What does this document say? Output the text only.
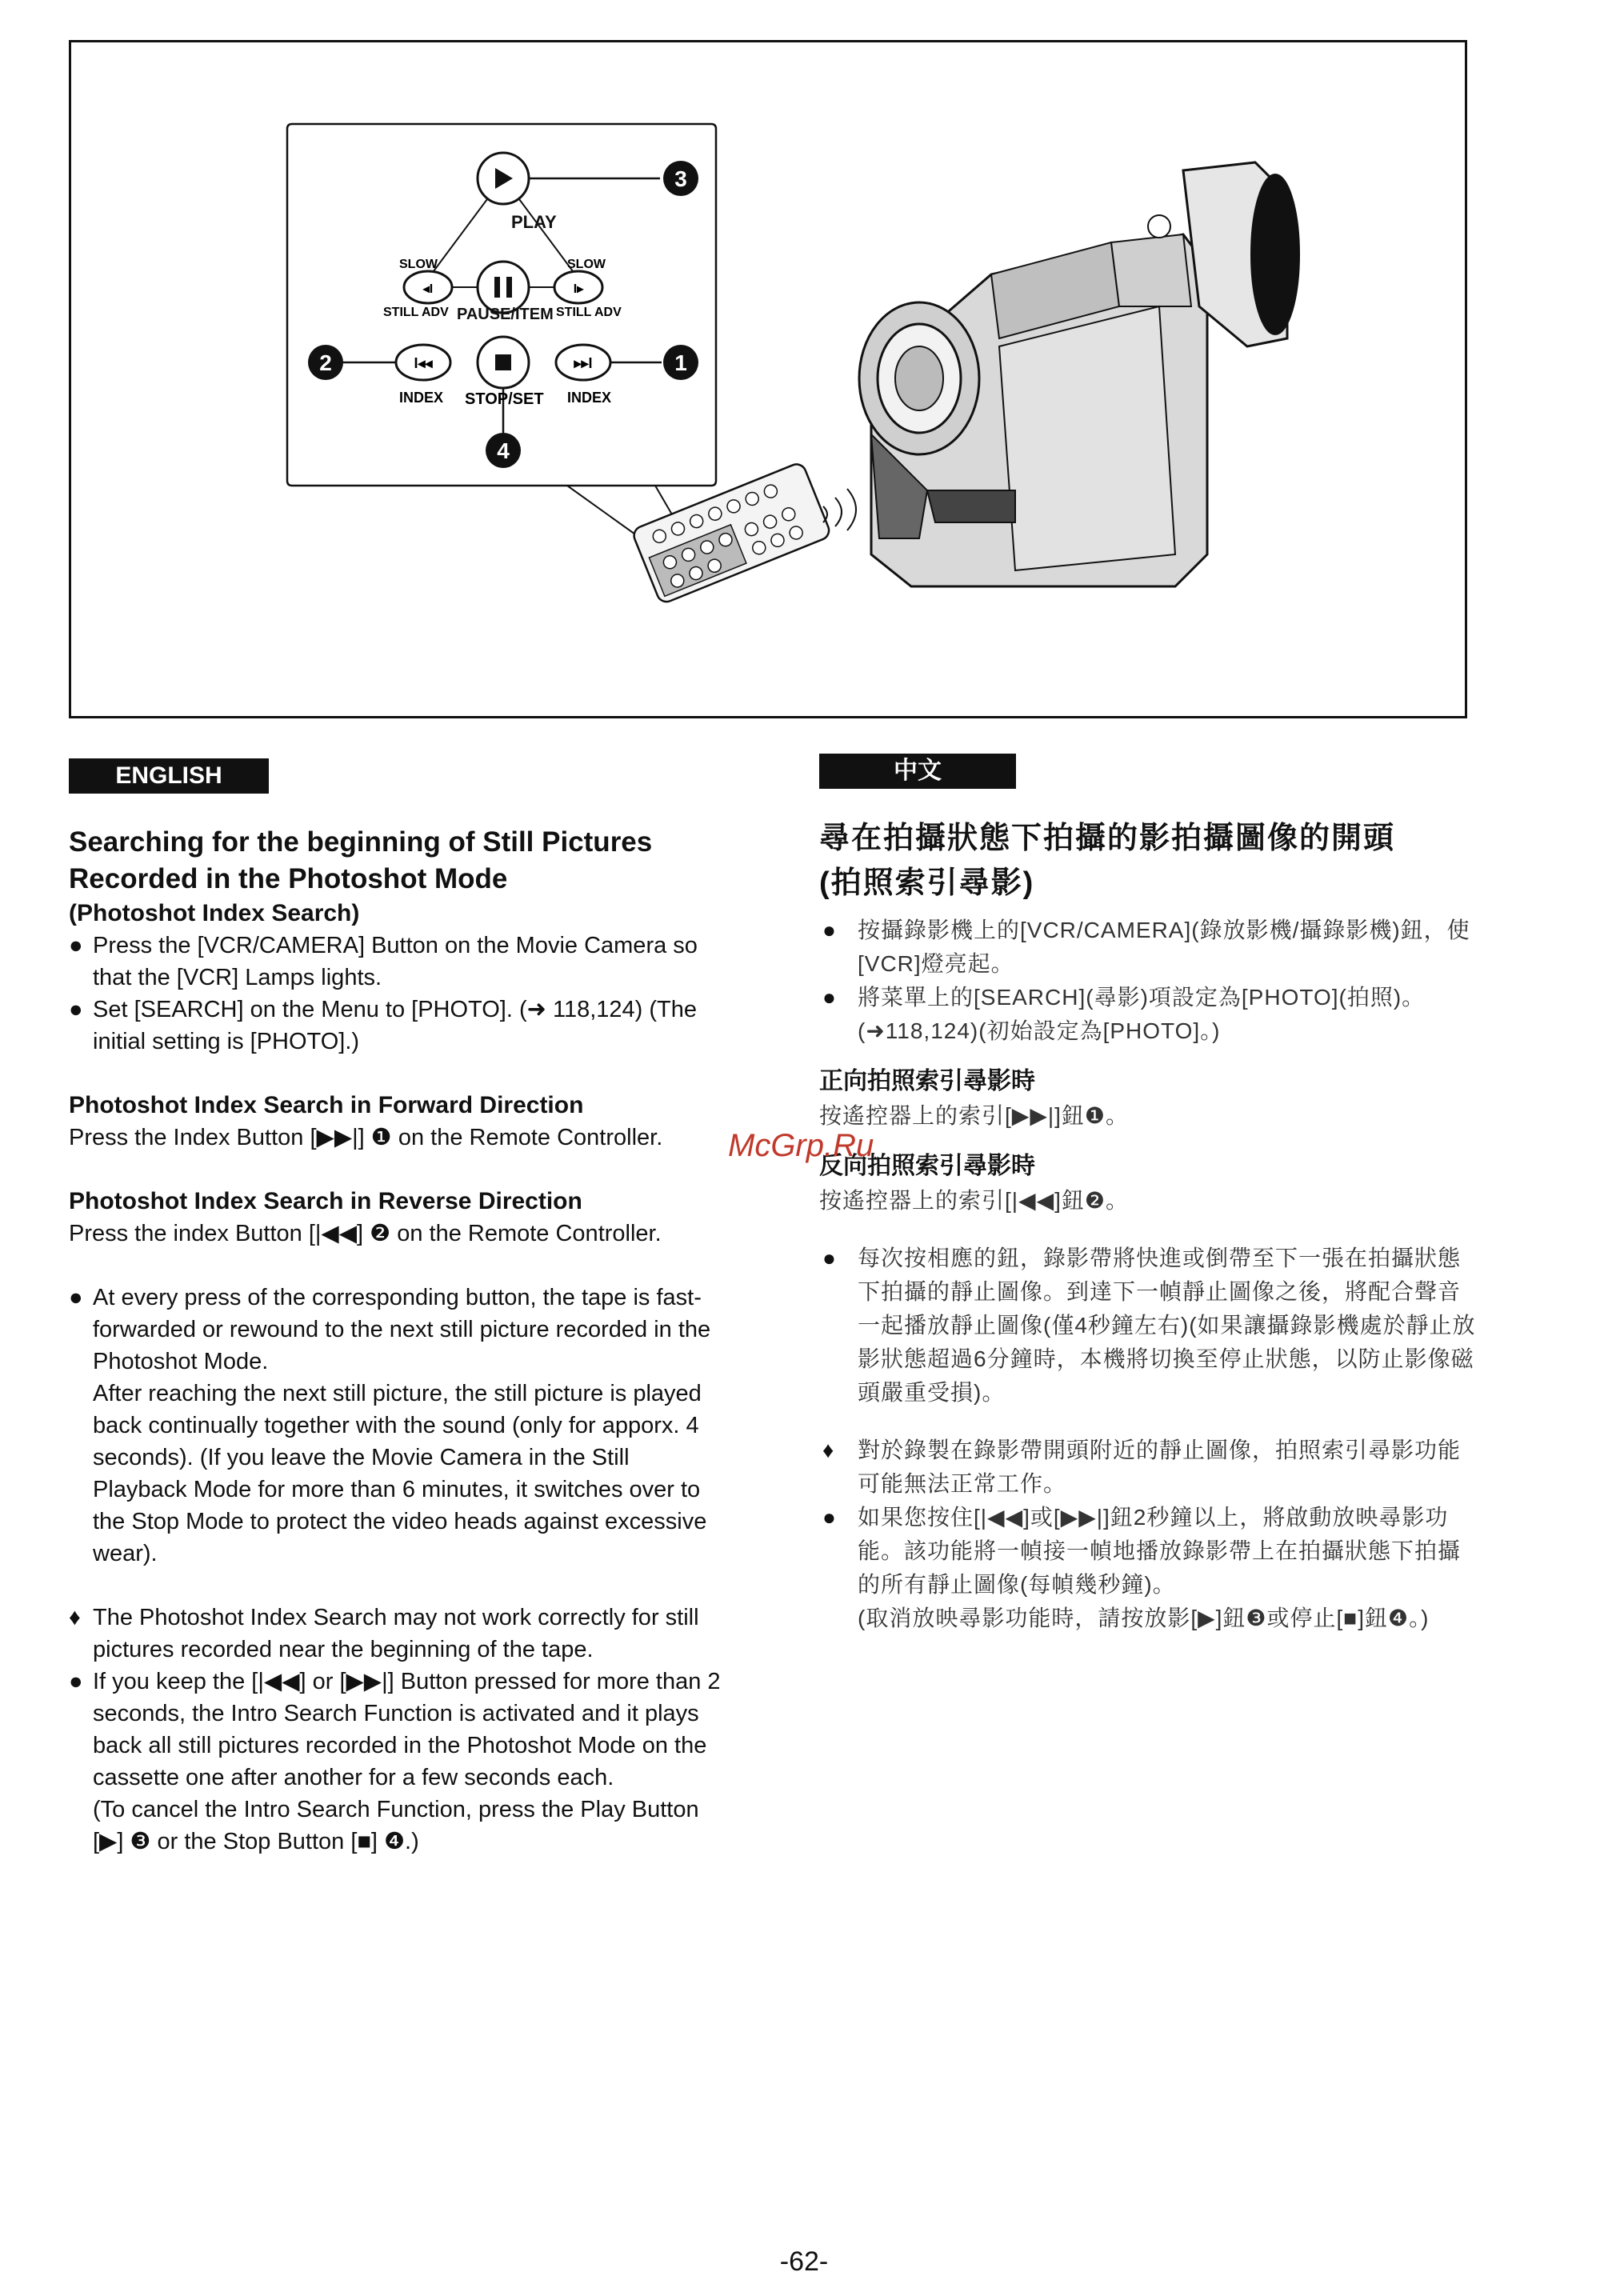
3
PLAY
PAUSE/ITEM
◂I
SLOW
STILL ADV
I▸
SLOW
STILL ADV
I◂◂
2
INDEX
4
STOP/SET
▸▸I	1
INDEX
ENGLISH
Searching for the beginning of Still Pictures
Recorded in the Photoshot Mode
(Photoshot Index Search)
● Press the [VCR/CAMERA] Button on the Movie Camera so that the [VCR] Lamps lights.
● Set [SEARCH] on the Menu to [PHOTO]. (➜ 118,124) (The initial setting is [PHOTO].)
Photoshot Index Search in Forward Direction
Press the Index Button [▶▶|] ❶ on the Remote Controller.
Photoshot Index Search in Reverse Direction
Press the index Button [|◀◀] ❷ on the Remote Controller.
● At every press of the corresponding button, the tape is fast-forwarded or rewound to the next still picture recorded in the Photoshot Mode.
After reaching the next still picture, the still picture is played back continually together with the sound (only for apporx. 4 seconds). (If you leave the Movie Camera in the Still Playback Mode for more than 6 minutes, it switches over to the Stop Mode to protect the video heads against excessive wear).
♦ The Photoshot Index Search may not work correctly for still pictures recorded near the beginning of the tape.
● If you keep the [|◀◀] or [▶▶|] Button pressed for more than 2 seconds, the Intro Search Function is activated and it plays back all still pictures recorded in the Photoshot Mode on the cassette one after another for a few seconds each.
(To cancel the Intro Search Function, press the Play Button [▶] ❸ or the Stop Button [■] ❹.)
中文
尋在拍攝狀態下拍攝的影拍攝圖像的開頭
(拍照索引尋影)
● 按攝錄影機上的[VCR/CAMERA](錄放影機/攝錄影機)鈕，使[VCR]燈亮起。
● 將菜單上的[SEARCH](尋影)項設定為[PHOTO](拍照)。(➜118,124)(初始設定為[PHOTO]。)
正向拍照索引尋影時
按遙控器上的索引[▶▶|]鈕❶。
反向拍照索引尋影時
按遙控器上的索引[|◀◀]鈕❷。
● 每次按相應的鈕，錄影帶將快進或倒帶至下一張在拍攝狀態下拍攝的靜止圖像。到達下一幀靜止圖像之後，將配合聲音一起播放靜止圖像(僅4秒鐘左右)(如果讓攝錄影機處於靜止放影狀態超過6分鐘時，本機將切換至停止狀態，以防止影像磁頭嚴重受損)。
♦ 對於錄製在錄影帶開頭附近的靜止圖像，拍照索引尋影功能可能無法正常工作。
● 如果您按住[|◀◀]或[▶▶|]鈕2秒鐘以上，將啟動放映尋影功能。該功能將一幀接一幀地播放錄影帶上在拍攝狀態下拍攝的所有靜止圖像(每幀幾秒鐘)。
(取消放映尋影功能時，請按放影[▶]鈕❸或停止[■]鈕❹。)
McGrp.Ru
-62-
